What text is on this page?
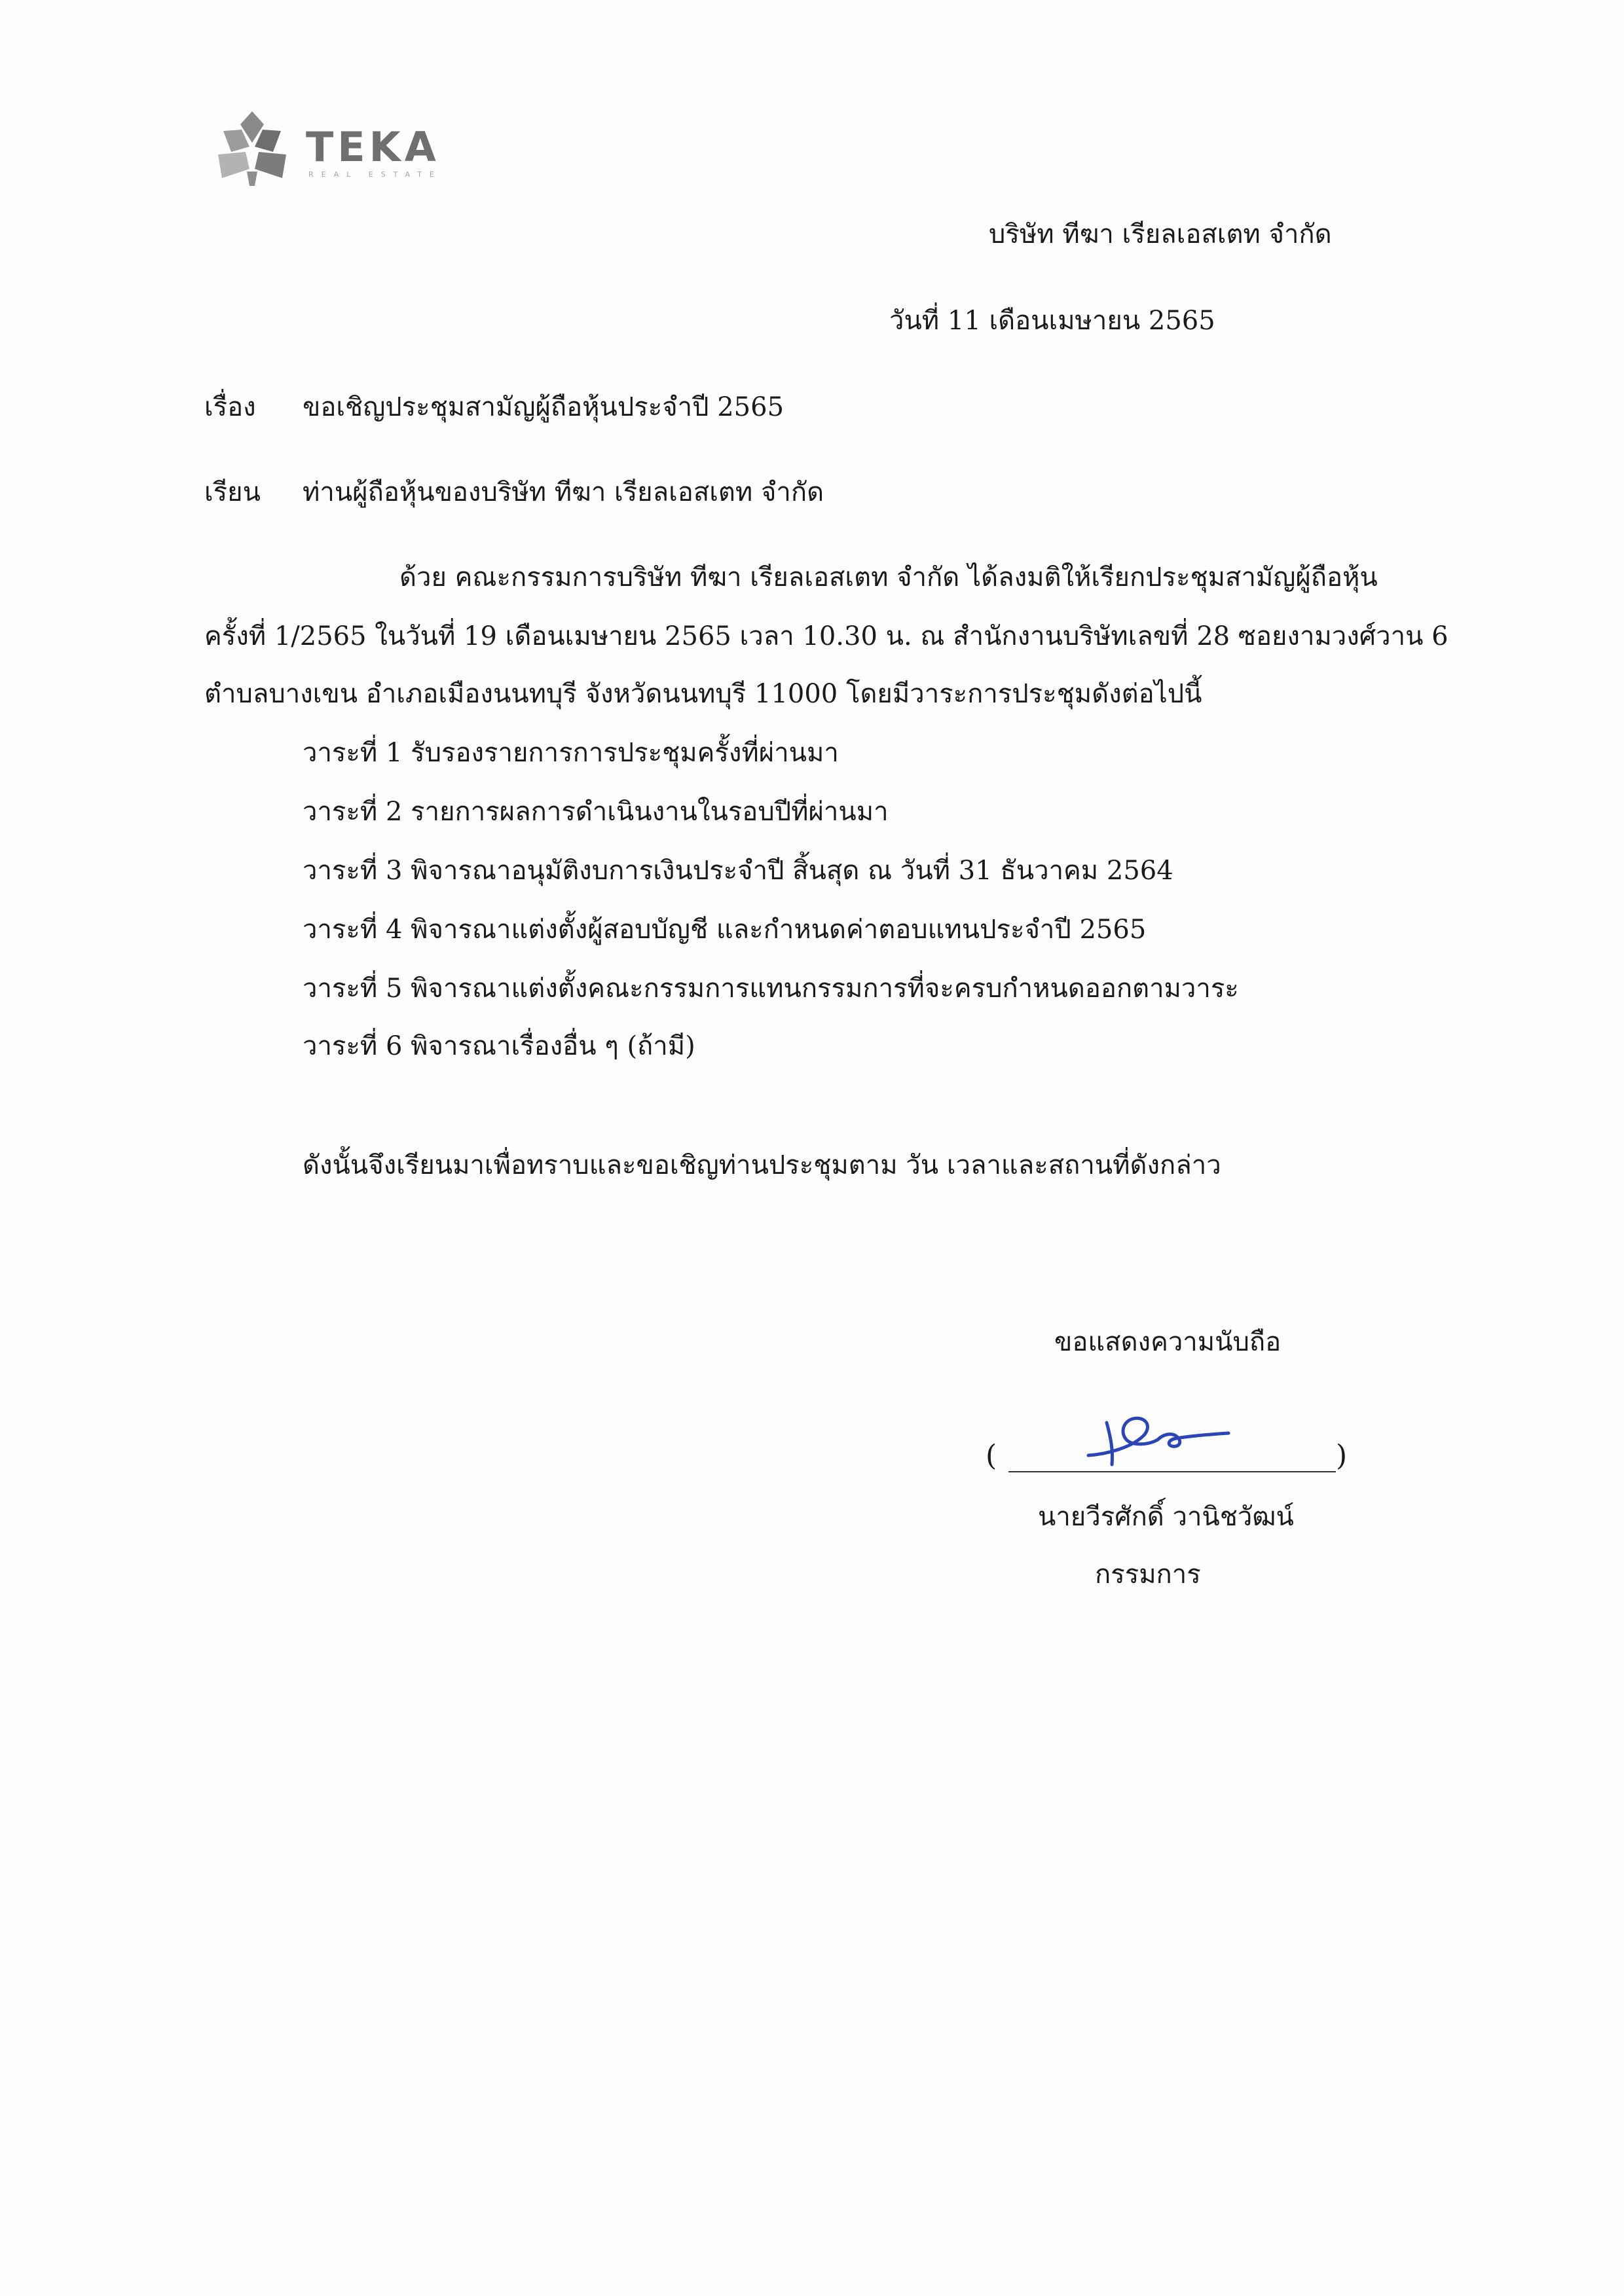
TEKA
REAL ESTATE
บริษัท ทีฆา เรียลเอสเตท จำกัด
วันที่ 11 เดือนเมษายน 2565
เรื่อง ขอเชิญประชุมสามัญผู้ถือหุ้นประจำปี 2565
เรียน ท่านผู้ถือหุ้นของบริษัท ทีฆา เรียลเอสเตท จำกัด
ด้วย คณะกรรมการบริษัท ทีฆา เรียลเอสเตท จำกัด ได้ลงมติให้เรียกประชุมสามัญผู้ถือหุ้น
ครั้งที่ 1/2565 ในวันที่ 19 เดือนเมษายน 2565 เวลา 10.30 น. ณ สำนักงานบริษัทเลขที่ 28 ซอยงามวงศ์วาน 6
ตำบลบางเขน อำเภอเมืองนนทบุรี จังหวัดนนทบุรี 11000 โดยมีวาระการประชุมดังต่อไปนี้
วาระที่ 1 รับรองรายการการประชุมครั้งที่ผ่านมา
วาระที่ 2 รายการผลการดำเนินงานในรอบปีที่ผ่านมา
วาระที่ 3 พิจารณาอนุมัติงบการเงินประจำปี สิ้นสุด ณ วันที่ 31 ธันวาคม 2564
วาระที่ 4 พิจารณาแต่งตั้งผู้สอบบัญชี และกำหนดค่าตอบแทนประจำปี 2565
วาระที่ 5 พิจารณาแต่งตั้งคณะกรรมการแทนกรรมการที่จะครบกำหนดออกตามวาระ
วาระที่ 6 พิจารณาเรื่องอื่น ๆ (ถ้ามี)
ดังนั้นจึงเรียนมาเพื่อทราบและขอเชิญท่านประชุมตาม วัน เวลาและสถานที่ดังกล่าว
ขอแสดงความนับถือ
(	)
นายวีรศักดิ์ วานิชวัฒน์
กรรมการ
